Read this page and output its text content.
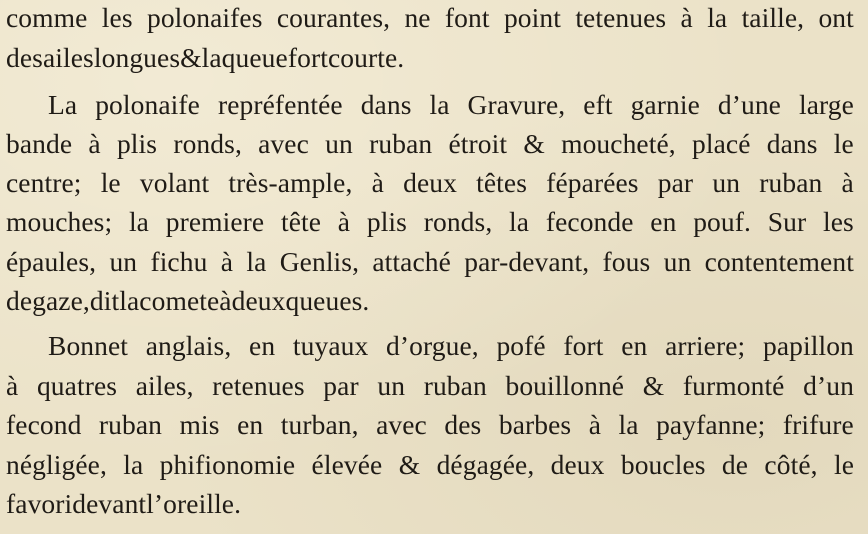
comme les polonaifes courantes, ne font point tetenues à la taille, ont
des ailes longues & la queue fort courte.
La polonaife repréfentée dans la Gravure, eft garnie d’une large
bande à plis ronds, avec un ruban étroit & moucheté, placé dans le
centre; le volant très-ample, à deux têtes féparées par un ruban à
mouches; la premiere tête à plis ronds, la feconde en pouf. Sur les
épaules, un fichu à la Genlis, attaché par-devant, fous un contentement
de gaze, dit la comete à deux queues.
Bonnet anglais, en tuyaux d’orgue, pofé fort en arriere; papillon
à quatres ailes, retenues par un ruban bouillonné & furmonté d’un
fecond ruban mis en turban, avec des barbes à la payfanne; frifure
négligée, la phifionomie élevée & dégagée, deux boucles de côté, le
favori devant l’oreille.
